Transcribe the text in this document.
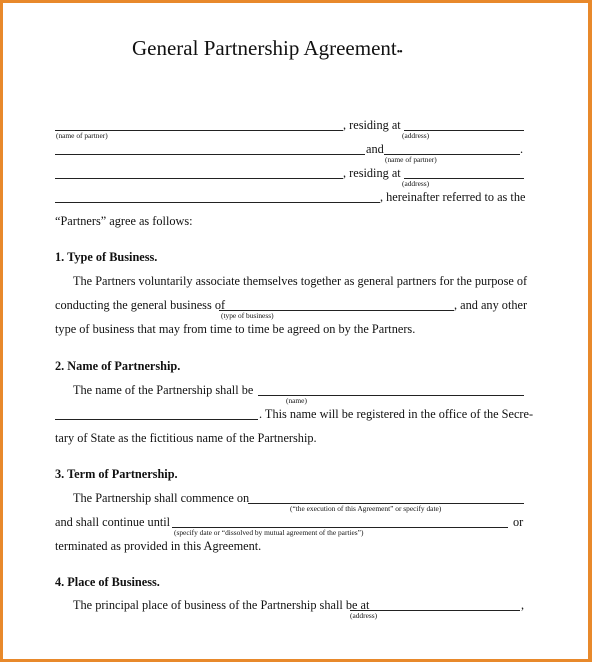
General Partnership Agreement••
, residing at
(name of partner)	(address)
and	.
(name of partner)
, residing at
(address)
, hereinafter referred to as the
“Partners” agree as follows:
1. Type of Business.
The Partners voluntarily associate themselves together as general partners for the purpose of
conducting the general business of	, and any other
(type of business)
type of business that may from time to time be agreed on by the Partners.
2. Name of Partnership.
The name of the Partnership shall be
(name)
. This name will be registered in the office of the Secre-
tary of State as the fictitious name of the Partnership.
3. Term of Partnership.
The Partnership shall commence on
(“the execution of this Agreement” or specify date)
and shall continue until	or
(specify date or “dissolved by mutual agreement of the parties”)
terminated as provided in this Agreement.
4. Place of Business.
The principal place of business of the Partnership shall be at	,
(address)
